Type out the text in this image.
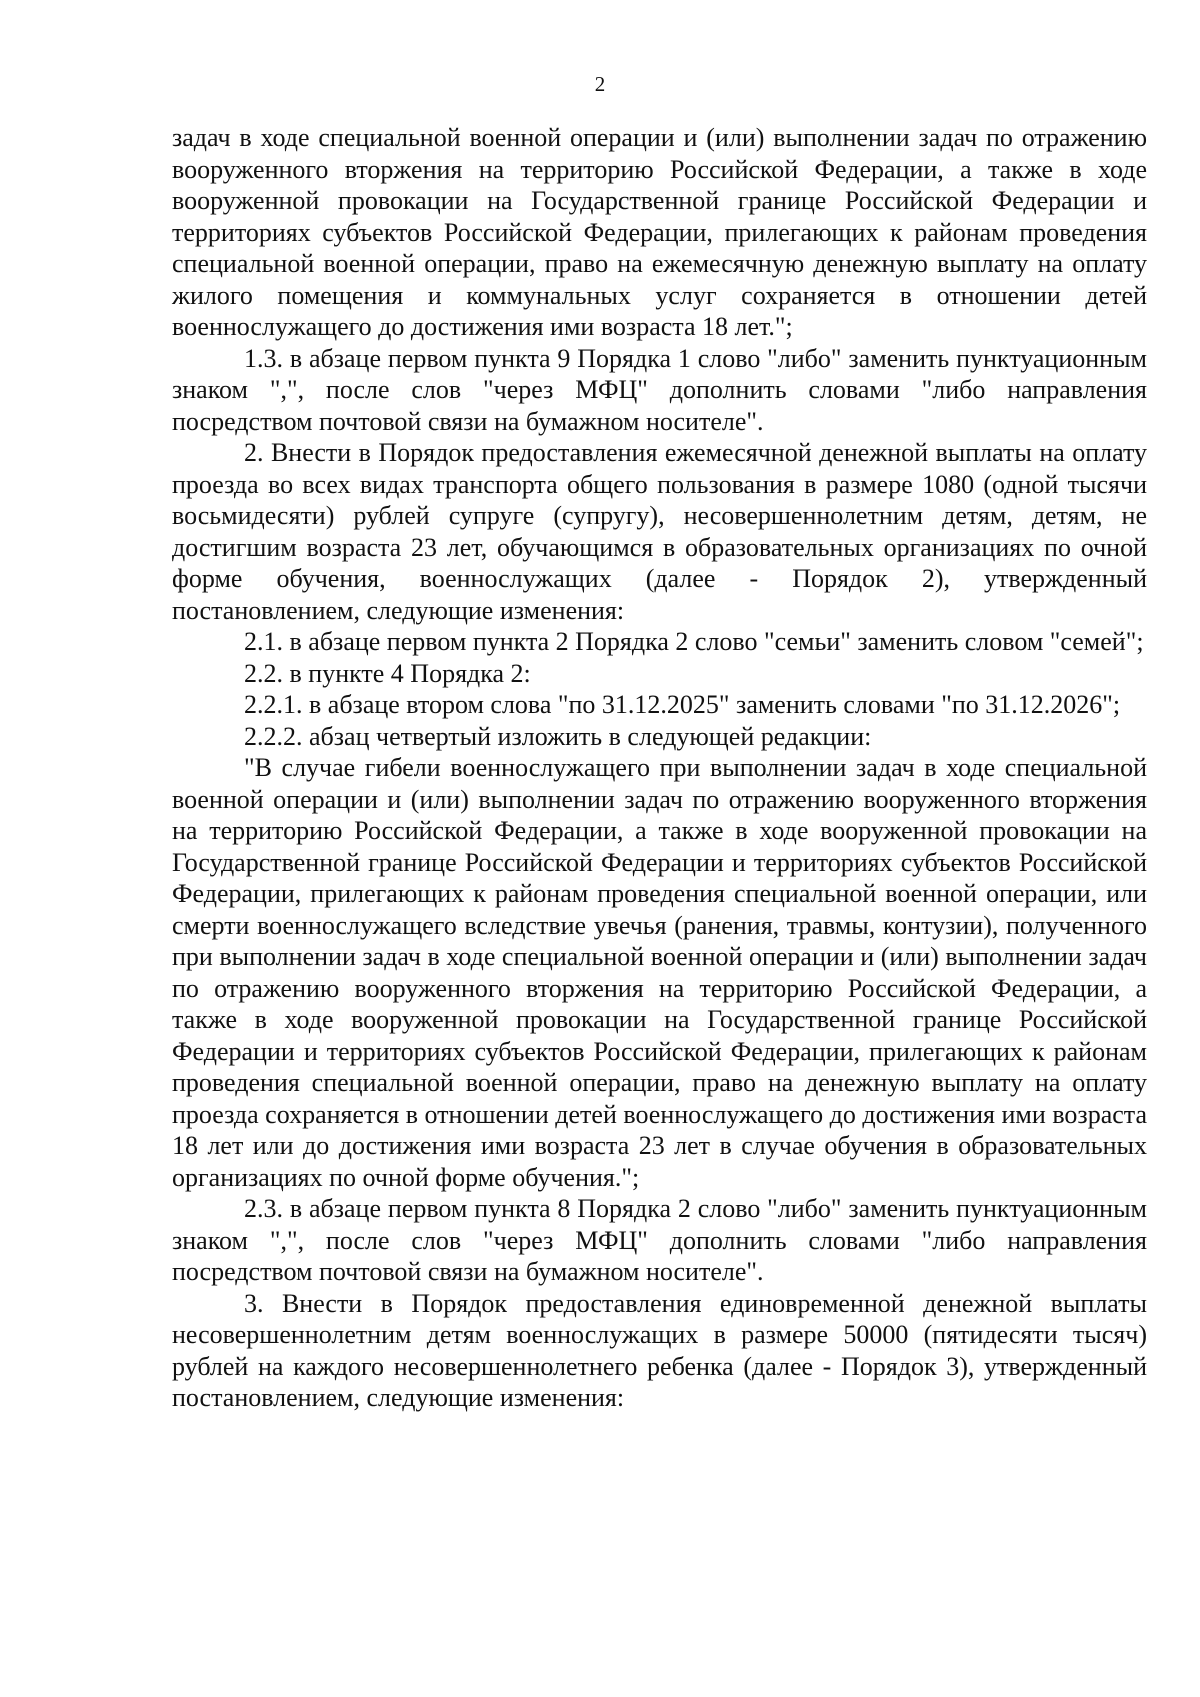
2

задач в ходе специальной военной операции и (или) выполнении задач по отражению вооруженного вторжения на территорию Российской Федерации, а также в ходе вооруженной провокации на Государственной границе Российской Федерации и территориях субъектов Российской Федерации, прилегающих к районам проведения специальной военной операции, право на ежемесячную денежную выплату на оплату жилого помещения и коммунальных услуг сохраняется в отношении детей военнослужащего до достижения ими возраста 18 лет.";

1.3. в абзаце первом пункта 9 Порядка 1 слово "либо" заменить пунктуационным знаком ",", после слов "через МФЦ" дополнить словами "либо направления посредством почтовой связи на бумажном носителе".

2. Внести в Порядок предоставления ежемесячной денежной выплаты на оплату проезда во всех видах транспорта общего пользования в размере 1080 (одной тысячи восьмидесяти) рублей супруге (супругу), несовершеннолетним детям, детям, не достигшим возраста 23 лет, обучающимся в образовательных организациях по очной форме обучения, военнослужащих (далее - Порядок 2), утвержденный постановлением, следующие изменения:

2.1. в абзаце первом пункта 2 Порядка 2 слово "семьи" заменить словом "семей";

2.2. в пункте 4 Порядка 2:

2.2.1. в абзаце втором слова "по 31.12.2025" заменить словами "по 31.12.2026";

2.2.2. абзац четвертый изложить в следующей редакции:

"В случае гибели военнослужащего при выполнении задач в ходе специальной военной операции и (или) выполнении задач по отражению вооруженного вторжения на территорию Российской Федерации, а также в ходе вооруженной провокации на Государственной границе Российской Федерации и территориях субъектов Российской Федерации, прилегающих к районам проведения специальной военной операции, или смерти военнослужащего вследствие увечья (ранения, травмы, контузии), полученного при выполнении задач в ходе специальной военной операции и (или) выполнении задач по отражению вооруженного вторжения на территорию Российской Федерации, а также в ходе вооруженной провокации на Государственной границе Российской Федерации и территориях субъектов Российской Федерации, прилегающих к районам проведения специальной военной операции, право на денежную выплату на оплату проезда сохраняется в отношении детей военнослужащего до достижения ими возраста 18 лет или до достижения ими возраста 23 лет в случае обучения в образовательных организациях по очной форме обучения.";

2.3. в абзаце первом пункта 8 Порядка 2 слово "либо" заменить пунктуационным знаком ",", после слов "через МФЦ" дополнить словами "либо направления посредством почтовой связи на бумажном носителе".

3. Внести в Порядок предоставления единовременной денежной выплаты несовершеннолетним детям военнослужащих в размере 50000 (пятидесяти тысяч) рублей на каждого несовершеннолетнего ребенка (далее - Порядок 3), утвержденный постановлением, следующие изменения:
